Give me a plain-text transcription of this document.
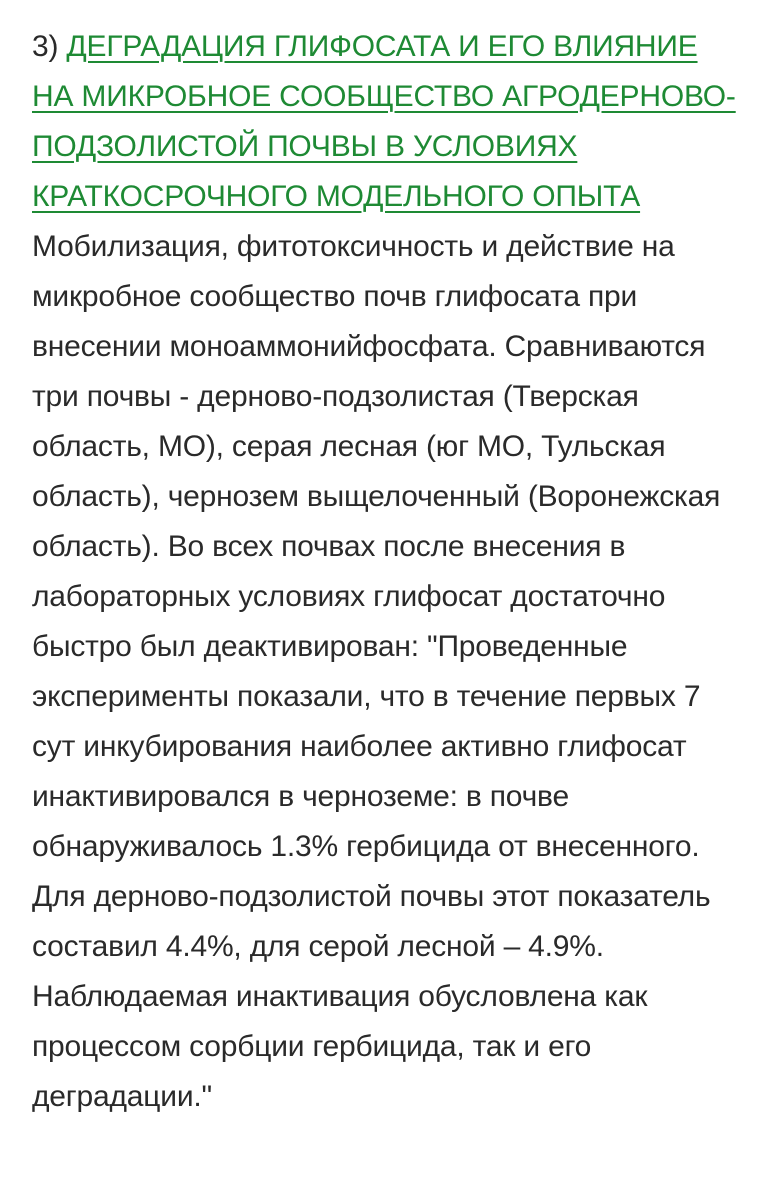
3) ДЕГРАДАЦИЯ ГЛИФОСАТА И ЕГО ВЛИЯНИЕ НА МИКРОБНОЕ СООБЩЕСТВО АГРОДЕРНОВО-ПОДЗОЛИСТОЙ ПОЧВЫ В УСЛОВИЯХ КРАТКОСРОЧНОГО МОДЕЛЬНОГО ОПЫТА

Мобилизация, фитотоксичность и действие на микробное сообщество почв глифосата при внесении моноаммонийфосфата. Сравниваются три почвы - дерново-подзолистая (Тверская область, МО), серая лесная (юг МО, Тульская область), чернозем выщелоченный (Воронежская область). Во всех почвах после внесения в лабораторных условиях глифосат достаточно быстро был деактивирован: "Проведенные эксперименты показали, что в течение первых 7 сут инкубирования наиболее активно глифосат инактивировался в черноземе: в почве обнаруживалось 1.3% гербицида от внесенного. Для дерново-подзолистой почвы этот показатель составил 4.4%, для серой лесной – 4.9%. Наблюдаемая инактивация обусловлена как процессом сорбции гербицида, так и его деградации."
